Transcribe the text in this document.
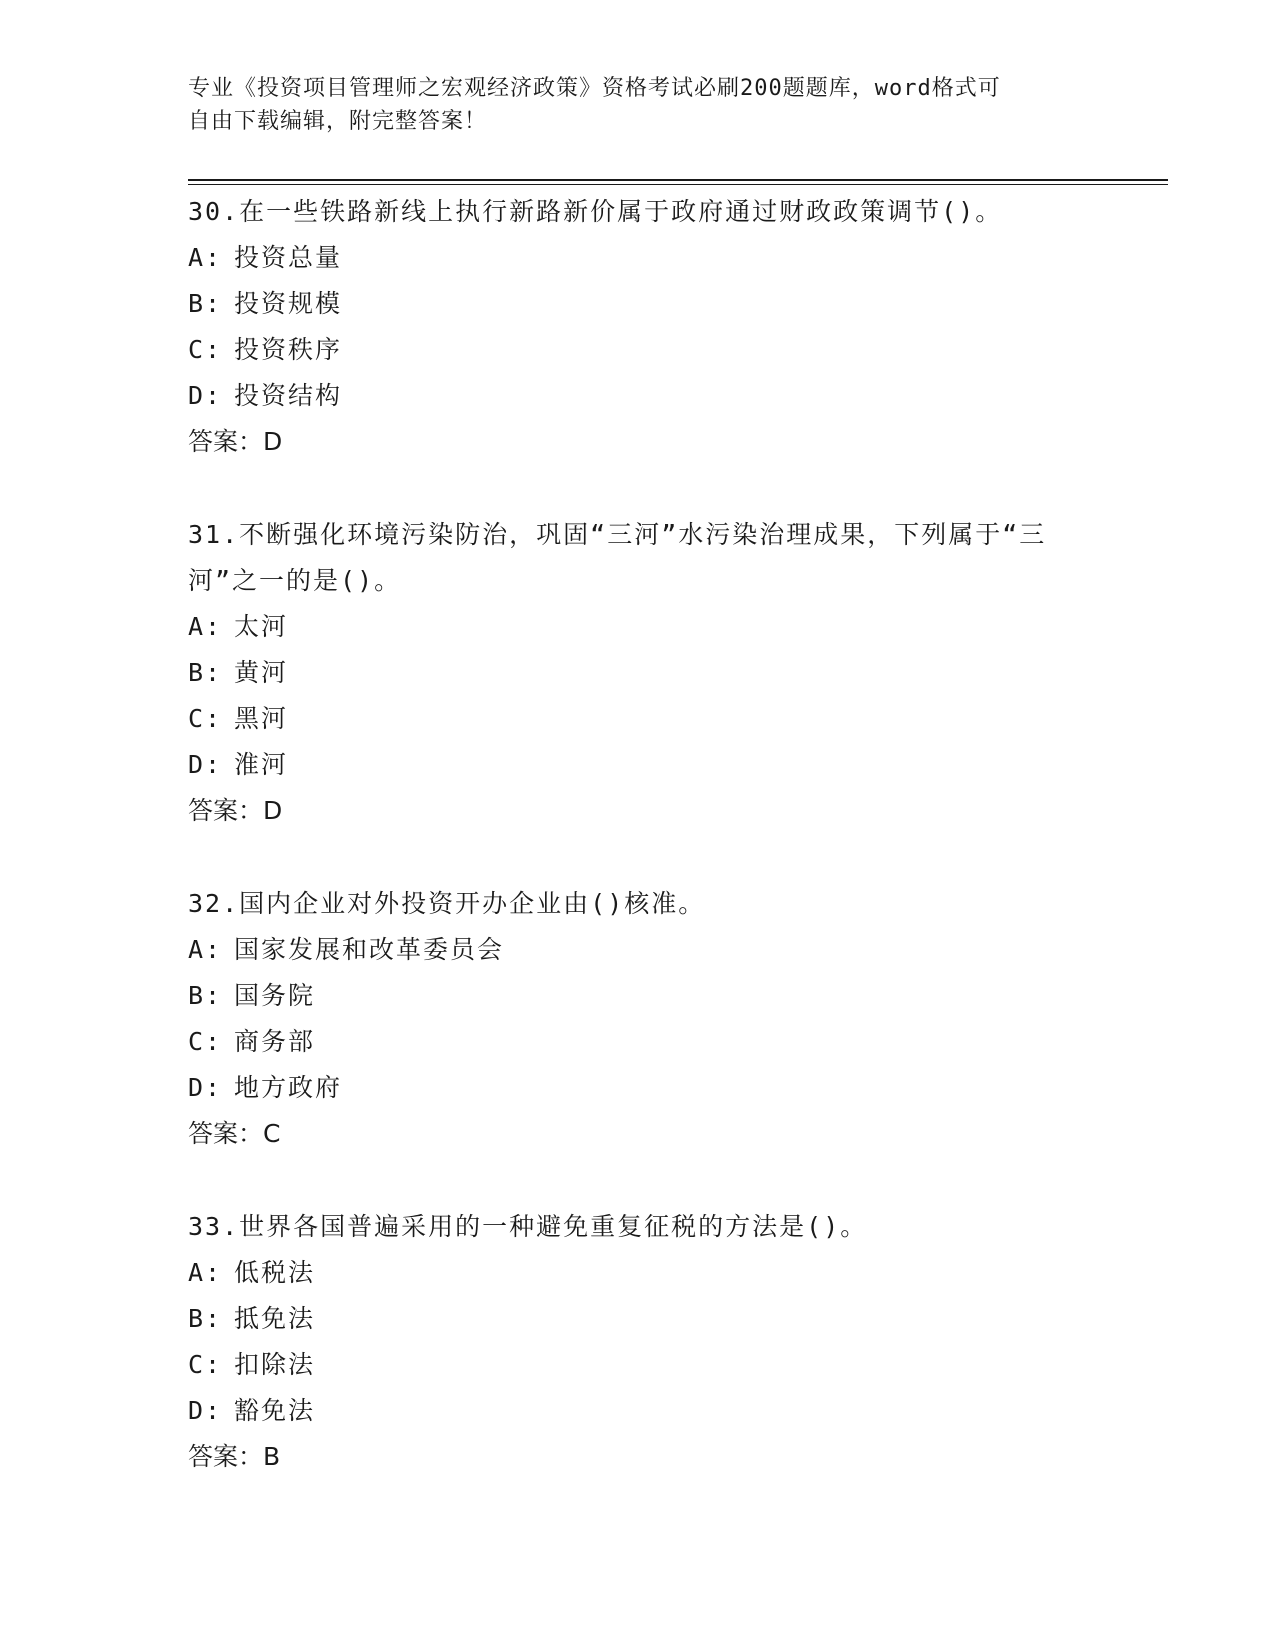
专业《投资项目管理师之宏观经济政策》资格考试必刷200题题库，word格式可
自由下载编辑，附完整答案！
30.在一些铁路新线上执行新路新价属于政府通过财政政策调节()。
A: 投资总量
B: 投资规模
C: 投资秩序
D: 投资结构
答案：D
31.不断强化环境污染防治，巩固“三河”水污染治理成果，下列属于“三河”之一的是()。
A: 太河
B: 黄河
C: 黑河
D: 淮河
答案：D
32.国内企业对外投资开办企业由()核准。
A: 国家发展和改革委员会
B: 国务院
C: 商务部
D: 地方政府
答案：C
33.世界各国普遍采用的一种避免重复征税的方法是()。
A: 低税法
B: 抵免法
C: 扣除法
D: 豁免法
答案：B
